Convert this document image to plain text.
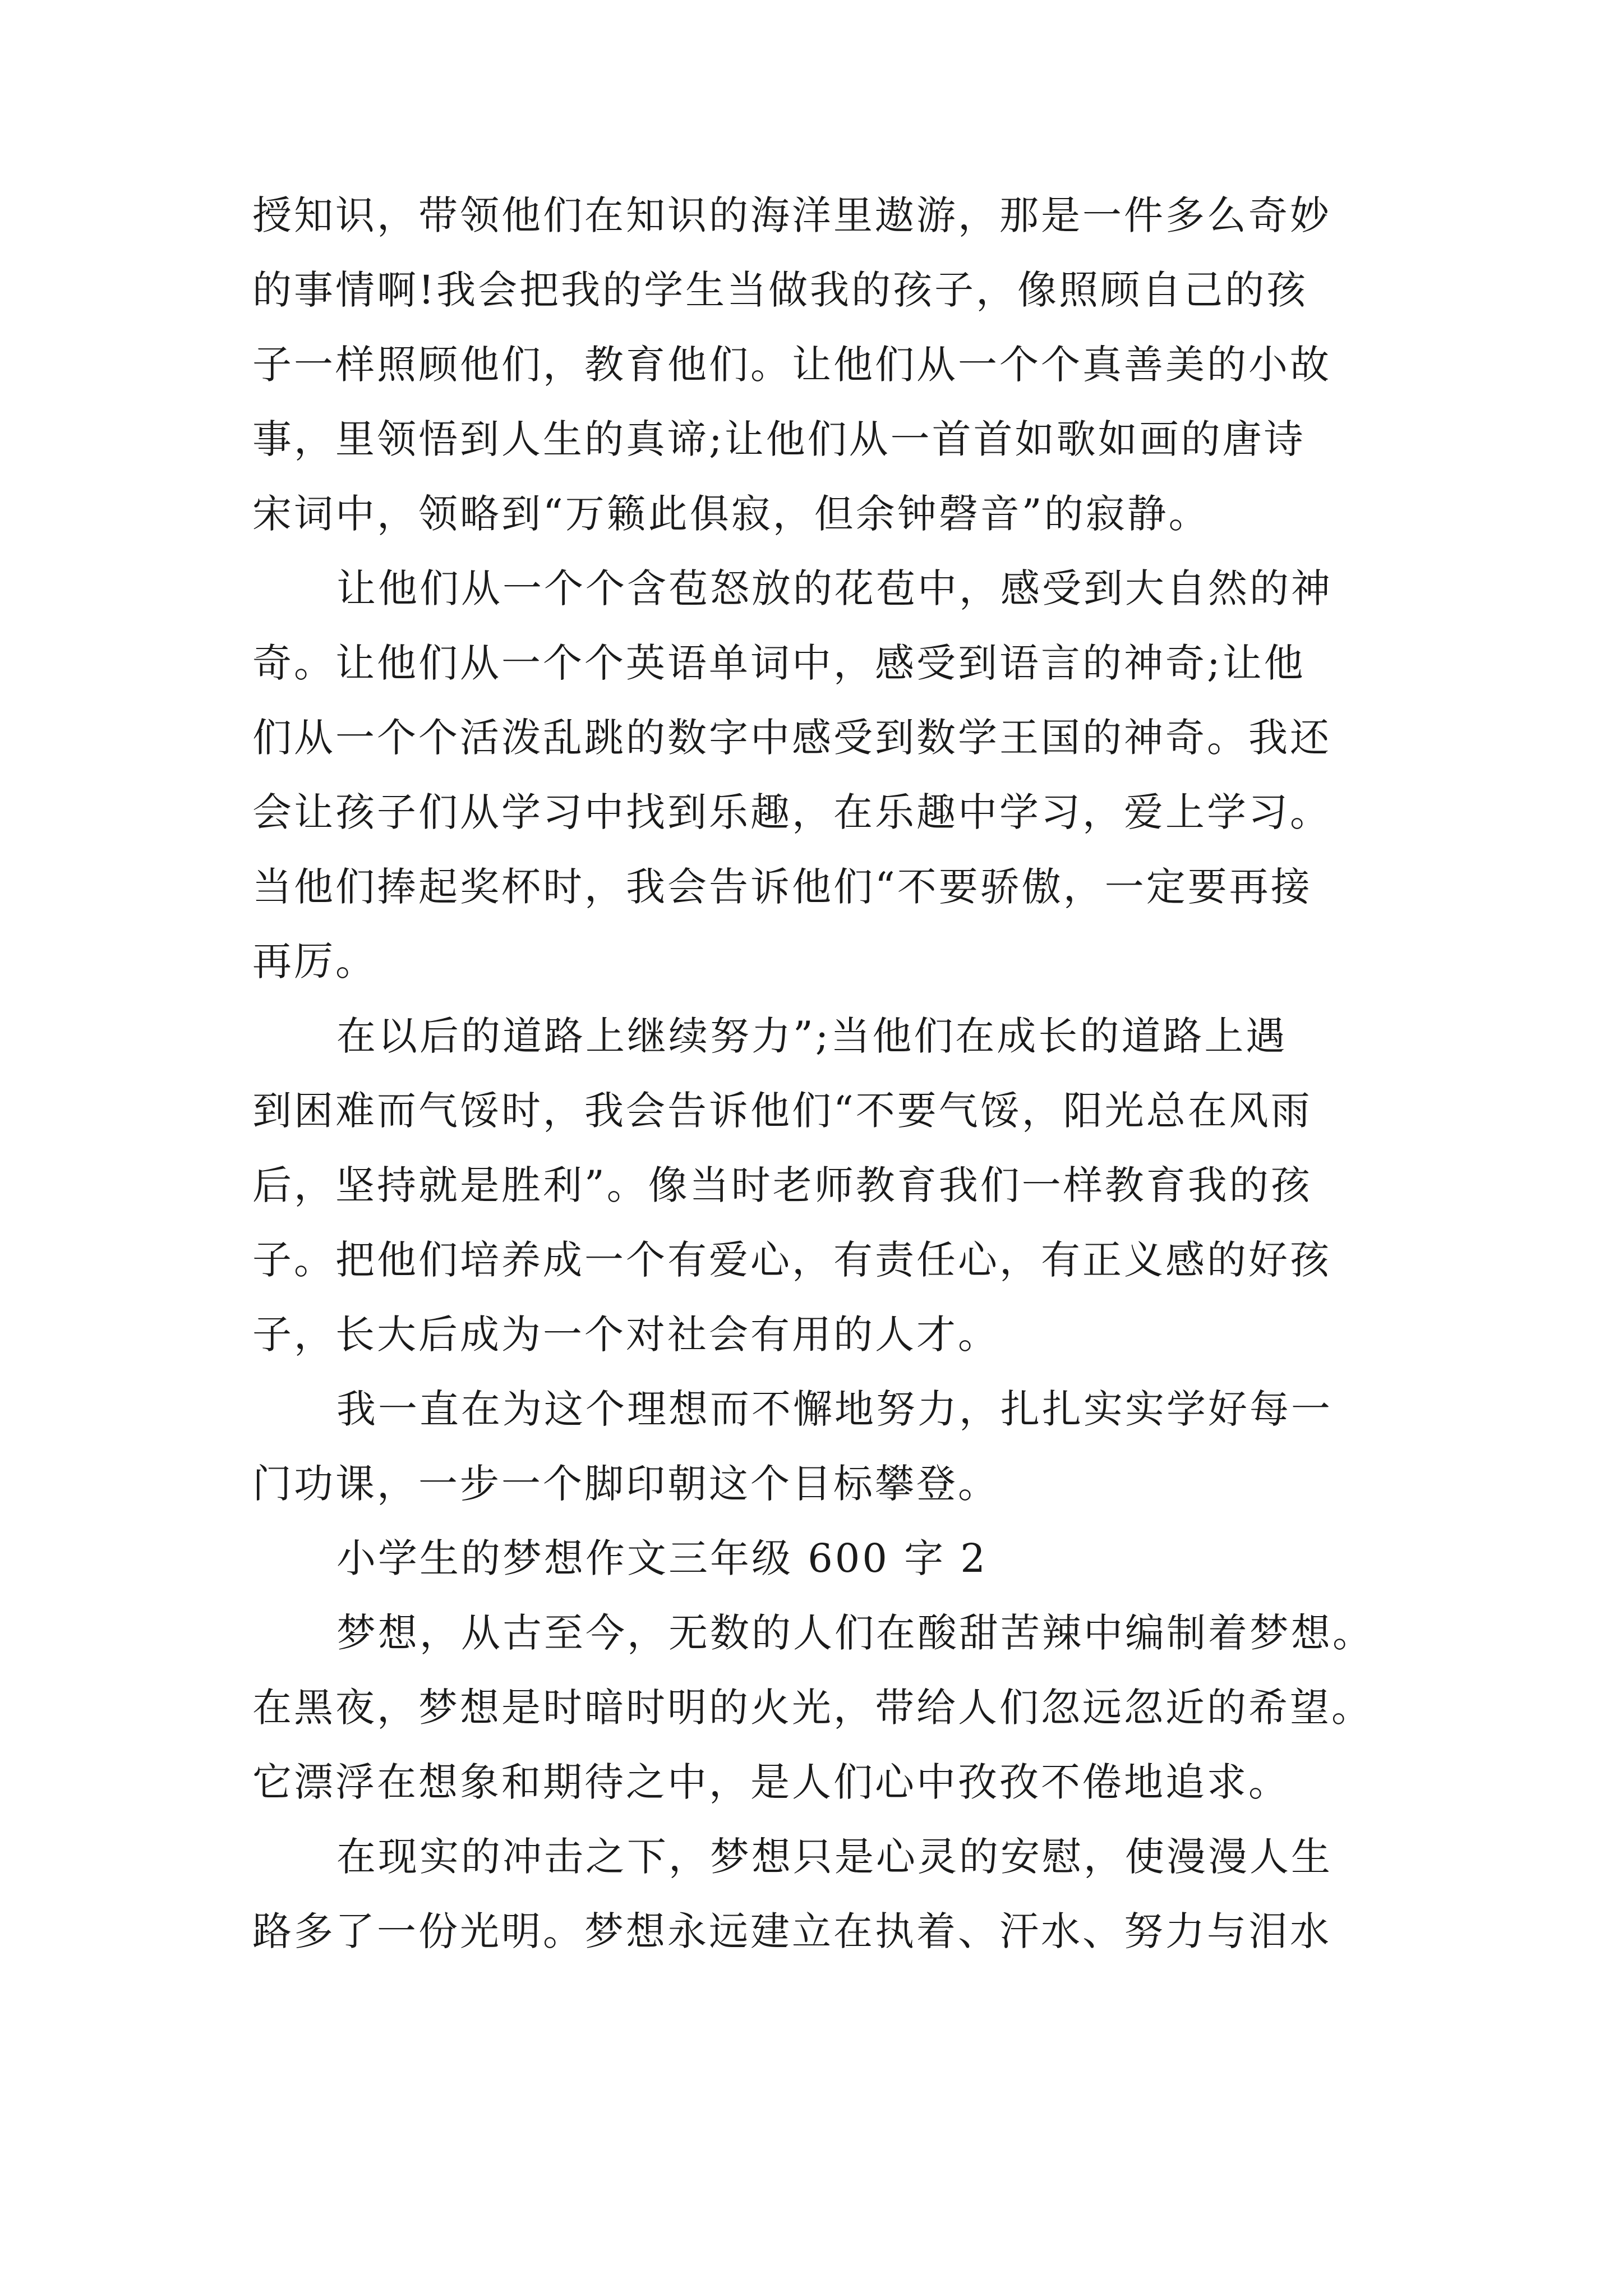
授知识，带领他们在知识的海洋里遨游，那是一件多么奇妙
的事情啊!我会把我的学生当做我的孩子，像照顾自己的孩
子一样照顾他们，教育他们。让他们从一个个真善美的小故
事，里领悟到人生的真谛;让他们从一首首如歌如画的唐诗
宋词中，领略到“万籁此俱寂，但余钟磬音”的寂静。
让他们从一个个含苞怒放的花苞中，感受到大自然的神
奇。让他们从一个个英语单词中，感受到语言的神奇;让他
们从一个个活泼乱跳的数字中感受到数学王国的神奇。我还
会让孩子们从学习中找到乐趣，在乐趣中学习，爱上学习。
当他们捧起奖杯时，我会告诉他们“不要骄傲，一定要再接
再厉。
在以后的道路上继续努力”;当他们在成长的道路上遇
到困难而气馁时，我会告诉他们“不要气馁，阳光总在风雨
后，坚持就是胜利”。像当时老师教育我们一样教育我的孩
子。把他们培养成一个有爱心，有责任心，有正义感的好孩
子，长大后成为一个对社会有用的人才。
我一直在为这个理想而不懈地努力，扎扎实实学好每一
门功课，一步一个脚印朝这个目标攀登。
小学生的梦想作文三年级 600 字 2
梦想，从古至今，无数的人们在酸甜苦辣中编制着梦想。
在黑夜，梦想是时暗时明的火光，带给人们忽远忽近的希望。
它漂浮在想象和期待之中，是人们心中孜孜不倦地追求。
在现实的冲击之下，梦想只是心灵的安慰，使漫漫人生
路多了一份光明。梦想永远建立在执着、汗水、努力与泪水
